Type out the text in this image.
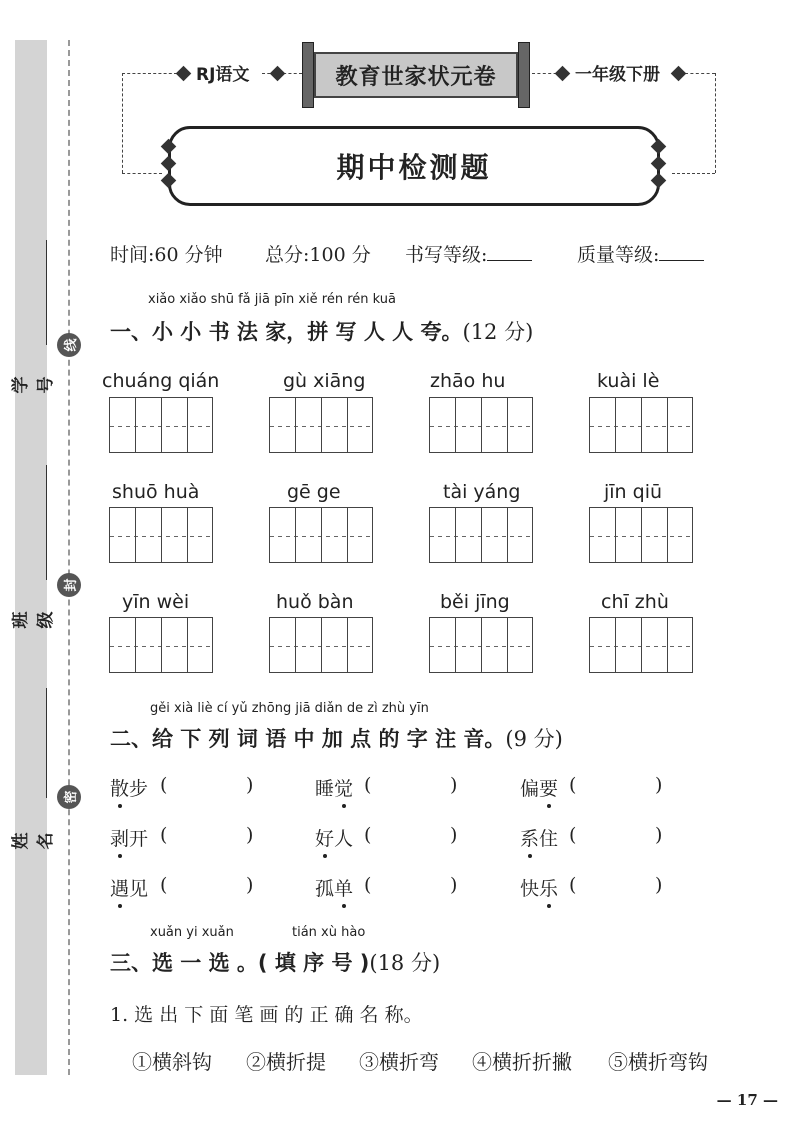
学号
班级
姓名
线
封
密
RJ语文	教育世家状元卷	一年级下册
期中检测题
时间:60 分钟 总分:100 分 书写等级:	质量等级:
xiǎo xiǎo shū fǎ jiā pīn xiě rén rén kuā
一、小 小 书 法 家，拼 写 人 人 夸。(12 分)
chuáng qián	gù xiāng	zhāo hu	kuài lè
shuō huà	gē ge	tài yáng	jīn qiū
yīn wèi	huǒ bàn	běi jīng	chī zhù
gěi xià liè cí yǔ zhōng jiā diǎn de zì zhù yīn
二、给 下 列 词 语 中 加 点 的 字 注 音。(9 分)
散步 (	)	睡觉 (	)	偏要 (	)
剥开 (	)	好人 (	)	系住 (	)
遇见 (	)	孤单 (	)	快乐 (	)
xuǎn yi xuǎn	tián xù hào
三、选 一 选 。( 填 序 号 )(18 分)
1. 选 出 下 面 笔 画 的 正 确 名 称。
①横斜钩 ②横折提 ③横折弯 ④横折折撇 ⑤横折弯钩
— 17 —
